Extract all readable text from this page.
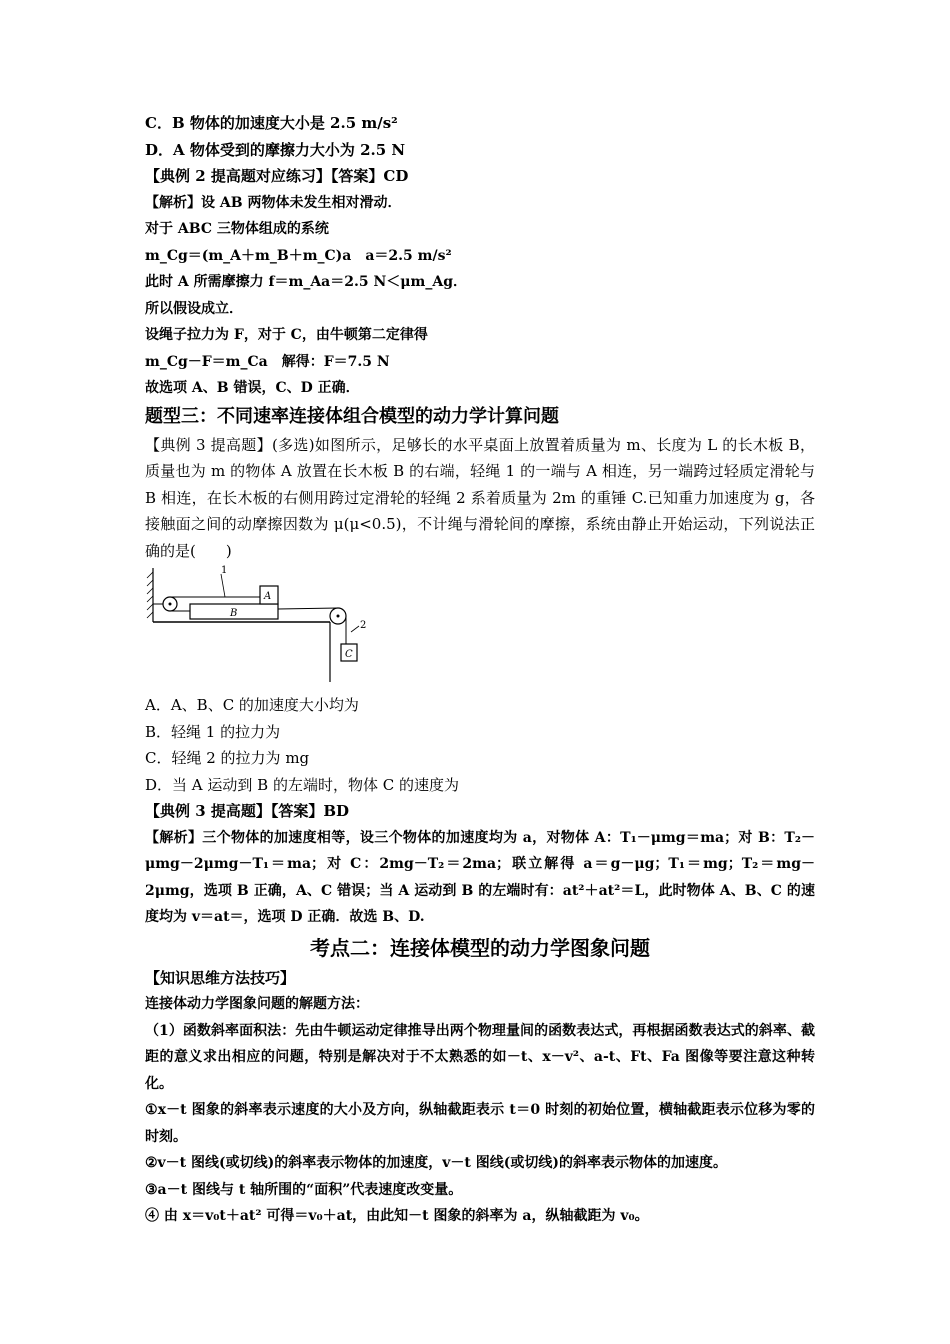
C．B 物体的加速度大小是 2.5 m/s²
D．A 物体受到的摩擦力大小为 2.5 N
【典例 2 提高题对应练习】【答案】CD
【解析】设 AB 两物体未发生相对滑动．
对于 ABC 三物体组成的系统
m_Cg＝(m_A＋m_B＋m_C)a　a＝2.5 m/s²
此时 A 所需摩擦力 f＝m_Aa＝2.5 N＜μm_Ag．
所以假设成立．
设绳子拉力为 F，对于 C，由牛顿第二定律得
m_Cg－F＝m_Ca　解得：F＝7.5 N
故选项 A、B 错误，C、D 正确．
题型三：不同速率连接体组合模型的动力学计算问题
【典例 3 提高题】(多选)如图所示，足够长的水平桌面上放置着质量为 m、长度为 L 的长木板 B，质量也为 m 的物体 A 放置在长木板 B 的右端，轻绳 1 的一端与 A 相连，另一端跨过轻质定滑轮与 B 相连，在长木板的右侧用跨过定滑轮的轻绳 2 系着质量为 2m 的重锤 C.已知重力加速度为 g，各接触面之间的动摩擦因数为 μ(μ<0.5)，不计绳与滑轮间的摩擦，系统由静止开始运动，下列说法正确的是(　　)
1
A
B
2
C
A．A、B、C 的加速度大小均为
B．轻绳 1 的拉力为
C．轻绳 2 的拉力为 mg
D．当 A 运动到 B 的左端时，物体 C 的速度为
【典例 3 提高题】【答案】BD
【解析】三个物体的加速度相等，设三个物体的加速度均为 a，对物体 A：T₁－μmg＝ma；对 B：T₂－μmg－2μmg－T₁＝ma；对 C：2mg－T₂＝2ma；联立解得 a＝g－μg；T₁＝mg；T₂＝mg－2μmg，选项 B 正确，A、C 错误；当 A 运动到 B 的左端时有：at²＋at²＝L，此时物体 A、B、C 的速度均为 v＝at＝，选项 D 正确．故选 B、D.
考点二：连接体模型的动力学图象问题
【知识思维方法技巧】
连接体动力学图象问题的解题方法：
（1）函数斜率面积法：先由牛顿运动定律推导出两个物理量间的函数表达式，再根据函数表达式的斜率、截距的意义求出相应的问题，特别是解决对于不太熟悉的如－t、x－v²、a-t、Ft、Fa 图像等要注意这种转化。
①x－t 图象的斜率表示速度的大小及方向，纵轴截距表示 t＝0 时刻的初始位置，横轴截距表示位移为零的时刻。
②v－t 图线(或切线)的斜率表示物体的加速度，v－t 图线(或切线)的斜率表示物体的加速度。
③a－t 图线与 t 轴所围的“面积”代表速度改变量。
④ 由 x＝v₀t＋at² 可得＝v₀＋at，由此知－t 图象的斜率为 a，纵轴截距为 v₀。
